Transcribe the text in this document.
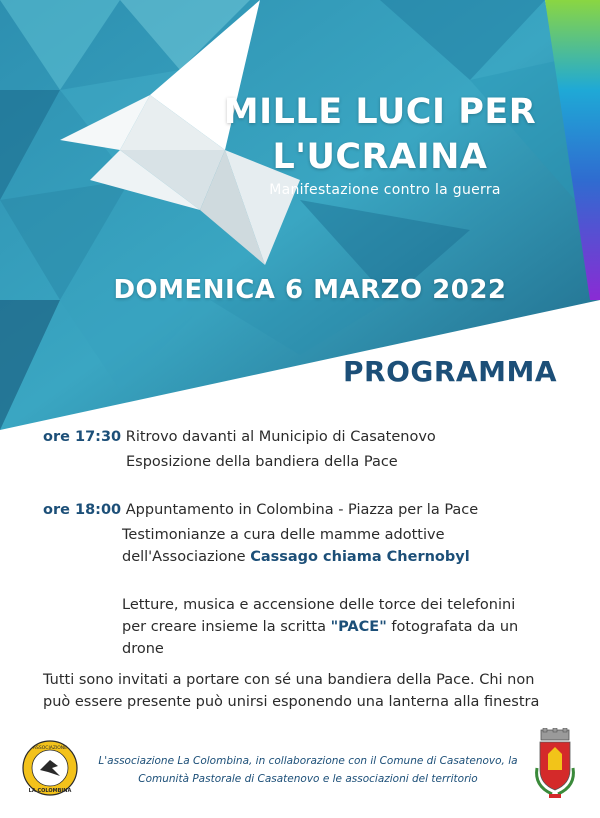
MILLE LUCI PER
L'UCRAINA
Manifestazione contro la guerra
DOMENICA 6 MARZO 2022
PROGRAMMA
ore 17:30 Ritrovo davanti al Municipio di Casatenovo
Esposizione della bandiera della Pace
ore 18:00 Appuntamento in Colombina - Piazza per la Pace
Testimonianze a cura delle mamme adottive
dell'Associazione Cassago chiama Chernobyl
Letture, musica e accensione delle torce dei telefonini
per creare insieme la scritta "PACE" fotografata da un
drone
Tutti sono invitati a portare con sé una bandiera della Pace. Chi non
può essere presente può unirsi esponendo una lanterna alla finestra
ASSOCIAZIONE
LA COLOMBINA
L'associazione La Colombina, in collaborazione con il Comune di Casatenovo, la
Comunità Pastorale di Casatenovo e le associazioni del territorio
